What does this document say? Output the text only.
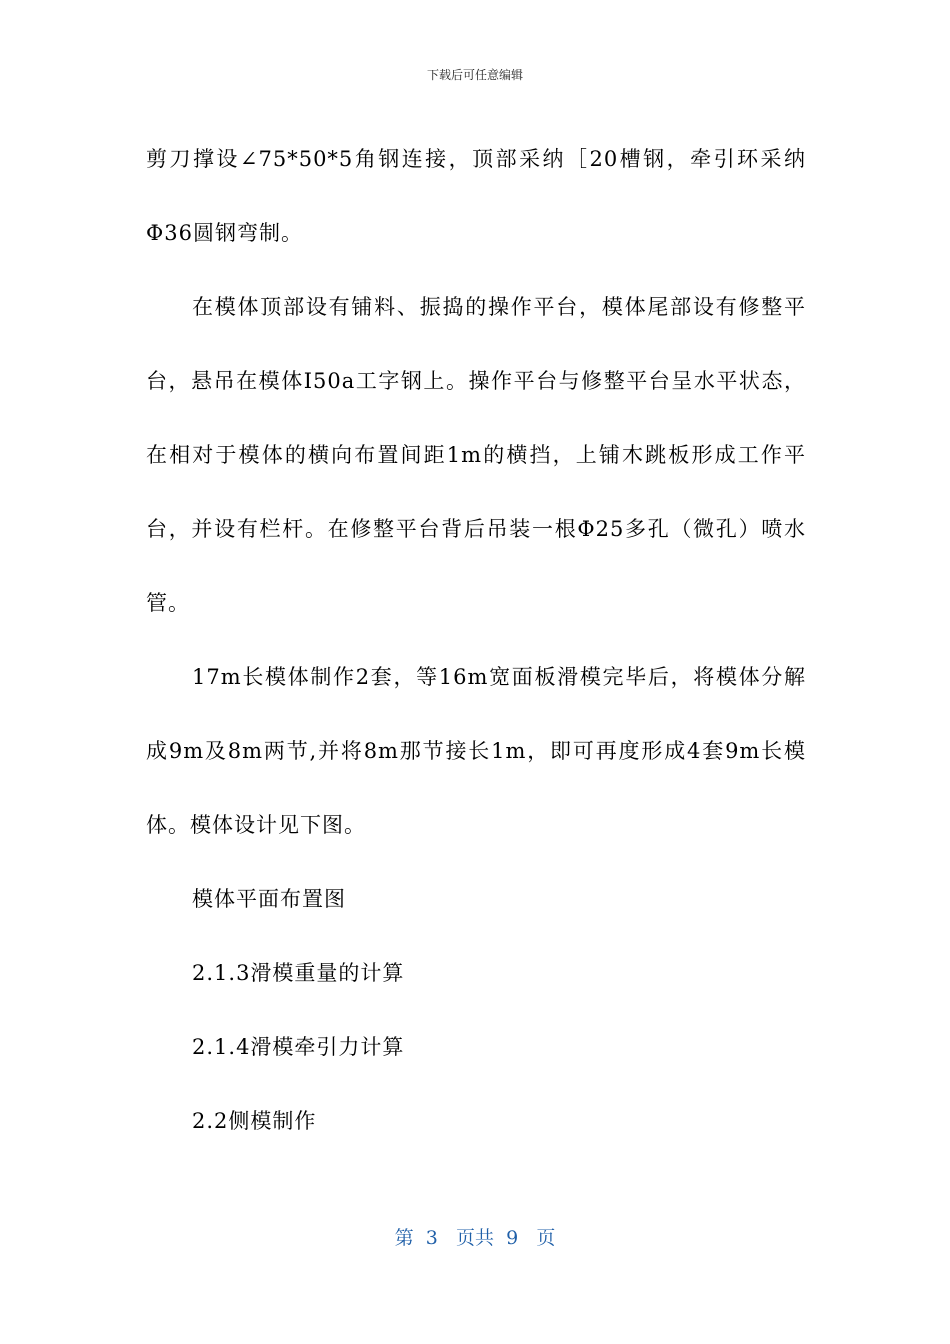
下载后可任意编辑

剪刀撑设∠75*50*5角钢连接，顶部采纳［20槽钢，牵引环采纳Φ36圆钢弯制。

在模体顶部设有铺料、振捣的操作平台，模体尾部设有修整平台，悬吊在模体I50a工字钢上。操作平台与修整平台呈水平状态，在相对于模体的横向布置间距1m的横挡，上铺木跳板形成工作平台，并设有栏杆。在修整平台背后吊装一根Φ25多孔（微孔）喷水管。

17m长模体制作2套，等16m宽面板滑模完毕后，将模体分解成9m及8m两节,并将8m那节接长1m，即可再度形成4套9m长模体。模体设计见下图。

模体平面布置图

2.1.3滑模重量的计算

2.1.4滑模牵引力计算

2.2侧模制作

第 3 页共 9 页
